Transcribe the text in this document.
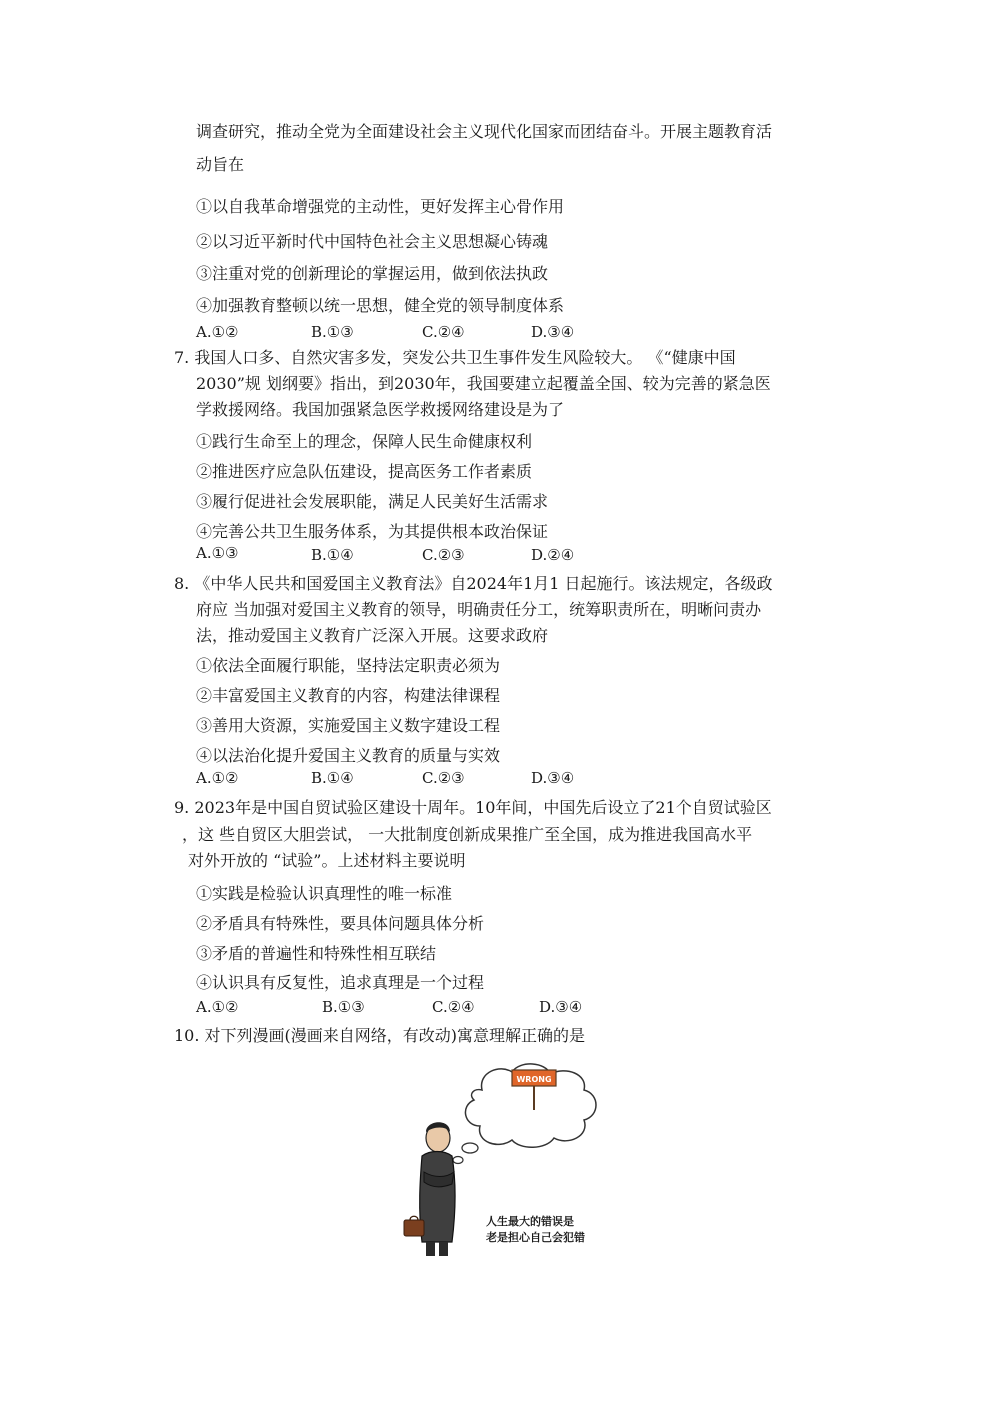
调查研究，推动全党为全面建设社会主义现代化国家而团结奋斗。开展主题教育活
动旨在
①以自我革命增强党的主动性，更好发挥主心骨作用
②以习近平新时代中国特色社会主义思想凝心铸魂
③注重对党的创新理论的掌握运用，做到依法执政
④加强教育整顿以统一思想，健全党的领导制度体系
A.①②	B.①③	C.②④	D.③④
7. 我国人口多、自然灾害多发，突发公共卫生事件发生风险较大。 《“健康中国
2030”规 划纲要》指出，到2030年，我国要建立起覆盖全国、较为完善的紧急医
学救援网络。我国加强紧急医学救援网络建设是为了
①践行生命至上的理念，保障人民生命健康权利
②推进医疗应急队伍建设，提高医务工作者素质
③履行促进社会发展职能，满足人民美好生活需求
④完善公共卫生服务体系，为其提供根本政治保证
A.①③	B.①④	C.②③	D.②④
8. 《中华人民共和国爱国主义教育法》自2024年1月1 日起施行。该法规定，各级政
府应 当加强对爱国主义教育的领导，明确责任分工，统筹职责所在，明晰问责办
法，推动爱国主义教育广泛深入开展。这要求政府
①依法全面履行职能，坚持法定职责必须为
②丰富爱国主义教育的内容，构建法律课程
③善用大资源，实施爱国主义数字建设工程
④以法治化提升爱国主义教育的质量与实效
A.①②	B.①④	C.②③	D.③④
9. 2023年是中国自贸试验区建设十周年。10年间，中国先后设立了21个自贸试验区
，这 些自贸区大胆尝试， 一大批制度创新成果推广至全国，成为推进我国高水平
对外开放的 “试验”。上述材料主要说明
①实践是检验认识真理性的唯一标准
②矛盾具有特殊性，要具体问题具体分析
③矛盾的普遍性和特殊性相互联结
④认识具有反复性，追求真理是一个过程
A.①②	B.①③	C.②④	D.③④
10. 对下列漫画(漫画来自网络，有改动)寓意理解正确的是
WRONG
人生最大的错误是
老是担心自己会犯错
